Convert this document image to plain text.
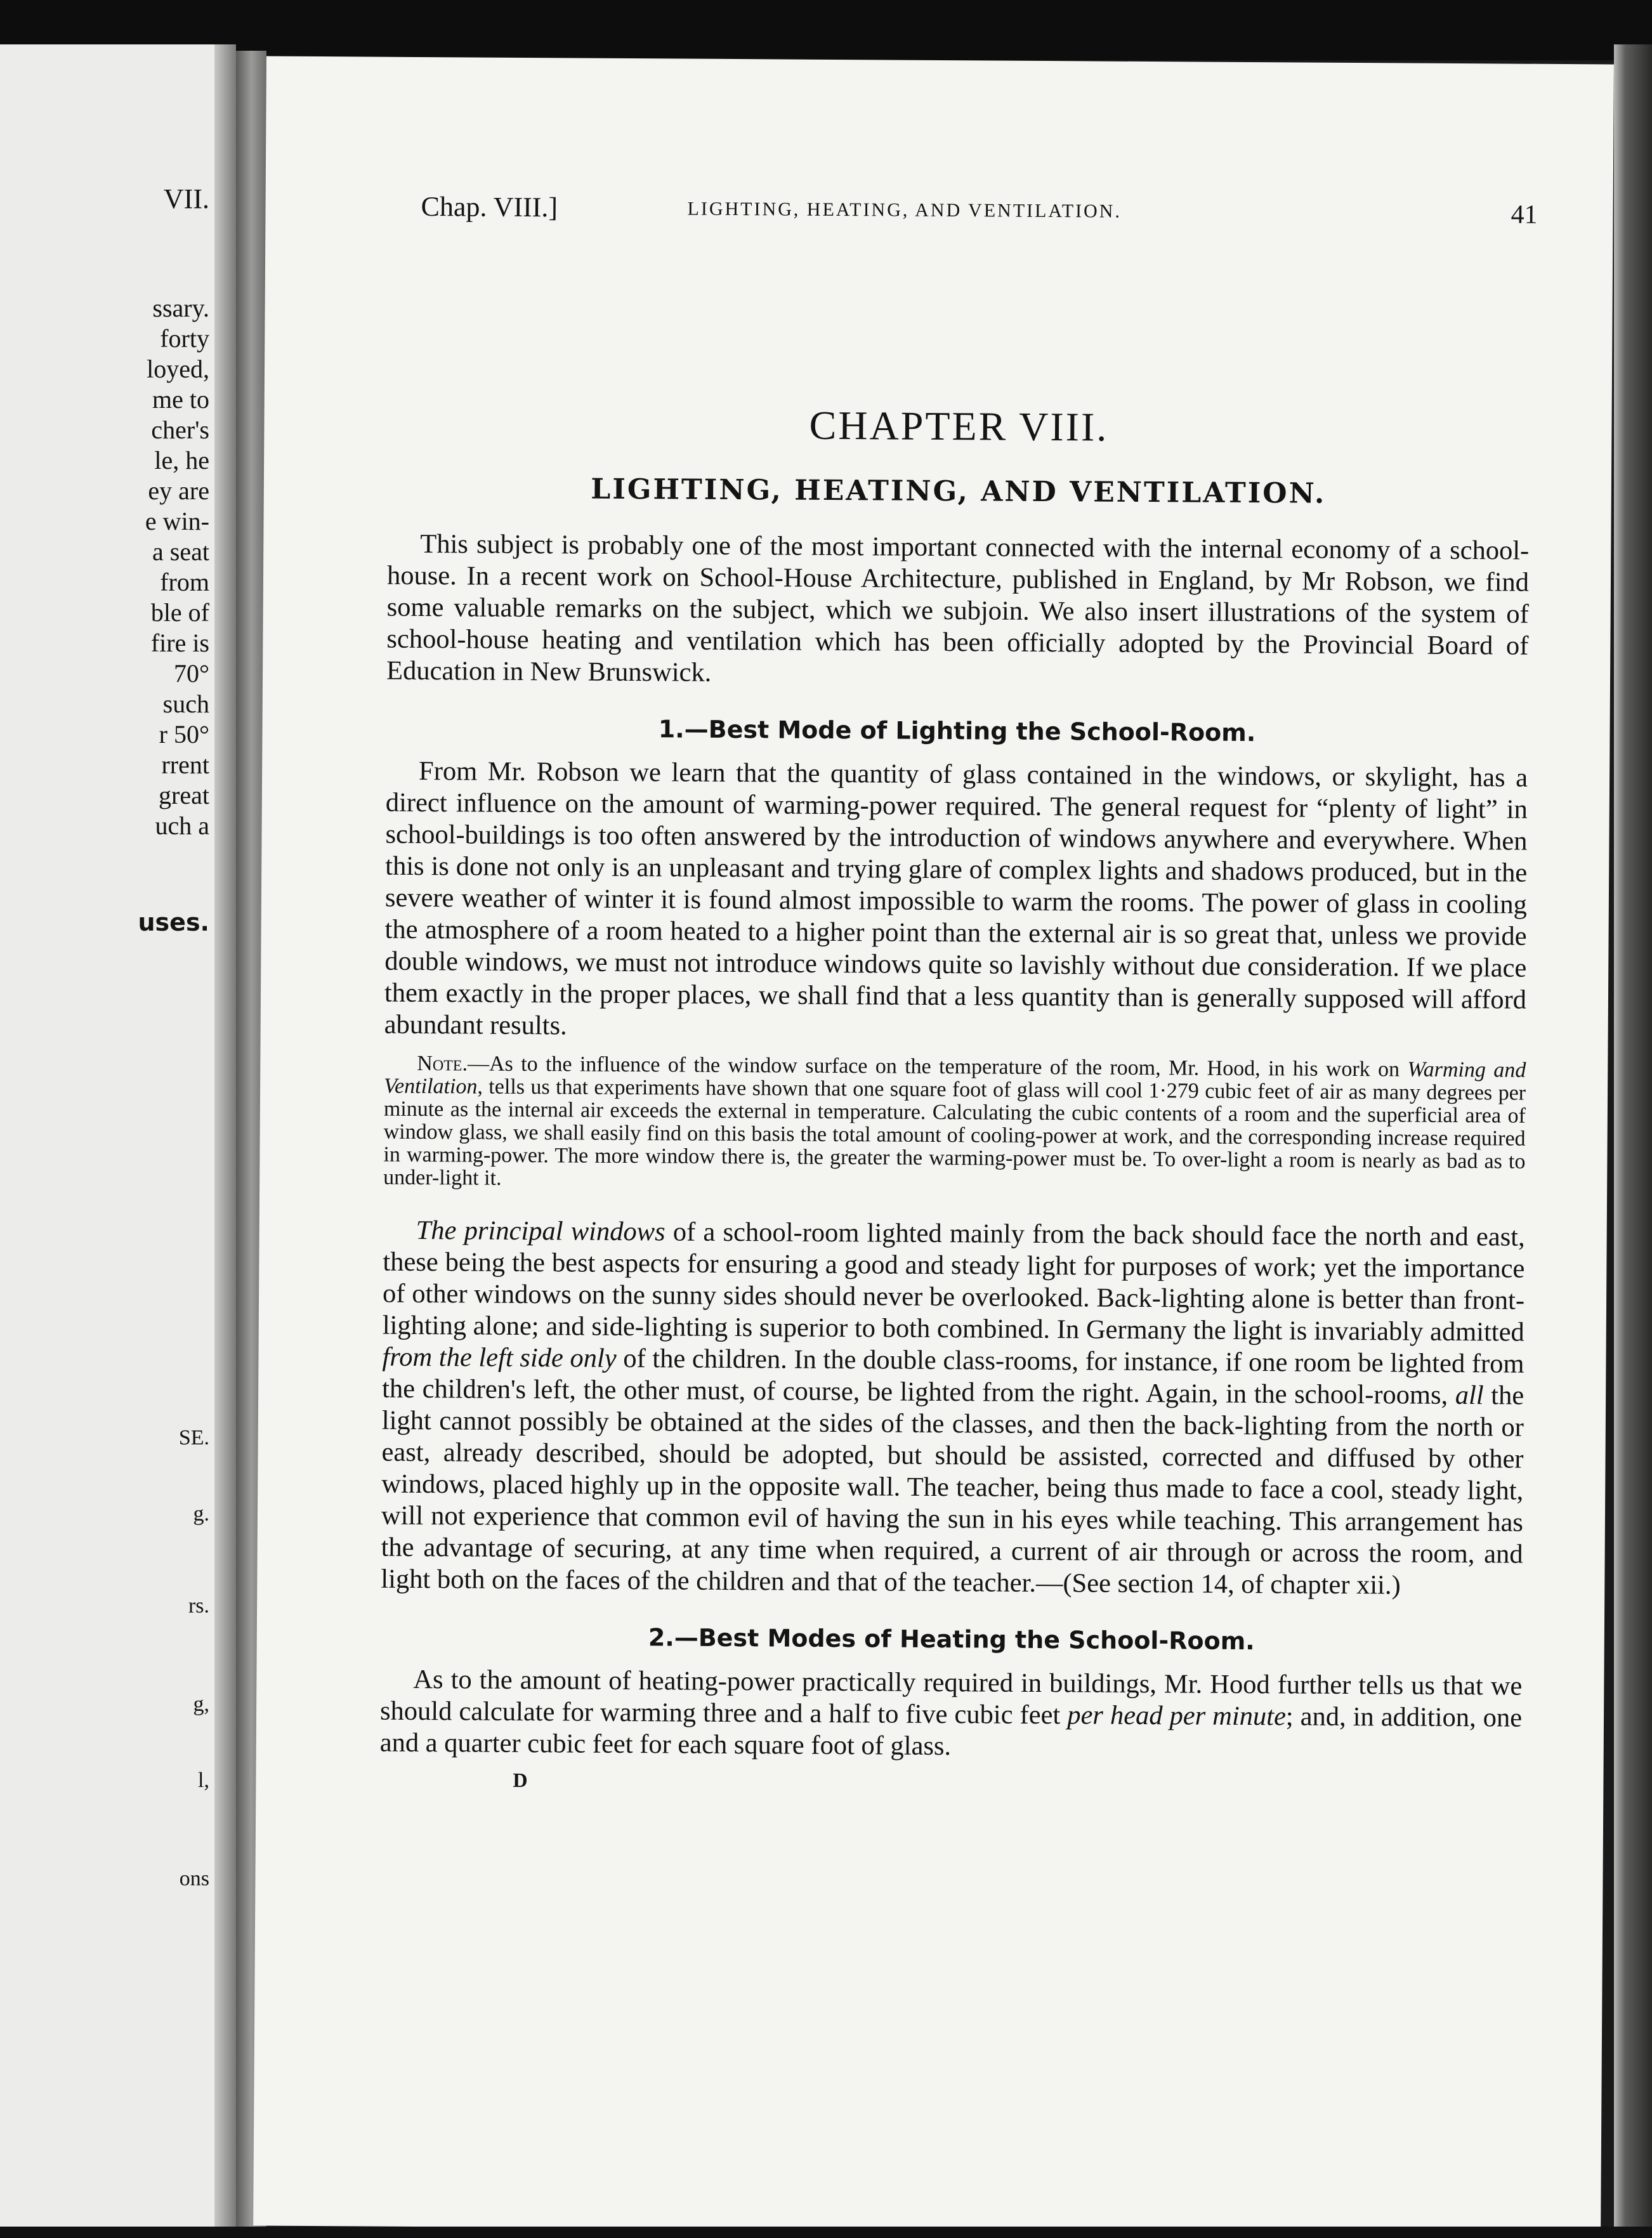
VII.
ssary.
forty
loyed,
me to
cher's
le, he
ey are
e win-
a seat
from
ble of
fire is
70°
such
r 50°
rrent
great
uch a
uses.
SE.
g.
rs.
g,
l,
ons
Chap. VIII.]	LIGHTING, HEATING, AND VENTILATION.	41
CHAPTER VIII.
LIGHTING, HEATING, AND VENTILATION.

This subject is probably one of the most important connected with the internal economy of a school-house. In a recent work on School-House Architecture, published in England, by Mr Robson, we find some valuable remarks on the subject, which we subjoin. We also insert illustrations of the system of school-house heating and ventilation which has been officially adopted by the Provincial Board of Education in New Brunswick.

1.—Best Mode of Lighting the School-Room.

From Mr. Robson we learn that the quantity of glass contained in the windows, or skylight, has a direct influence on the amount of warming-power required. The general request for “plenty of light” in school-buildings is too often answered by the introduction of windows anywhere and everywhere. When this is done not only is an unpleasant and trying glare of complex lights and shadows produced, but in the severe weather of winter it is found almost impossible to warm the rooms. The power of glass in cooling the atmosphere of a room heated to a higher point than the external air is so great that, unless we provide double windows, we must not introduce windows quite so lavishly without due consideration. If we place them exactly in the proper places, we shall find that a less quantity than is generally supposed will afford abundant results.

Note.—As to the influence of the window surface on the temperature of the room, Mr. Hood, in his work on Warming and Ventilation, tells us that experiments have shown that one square foot of glass will cool 1·279 cubic feet of air as many degrees per minute as the internal air exceeds the external in temperature. Calculating the cubic contents of a room and the superficial area of window glass, we shall easily find on this basis the total amount of cooling-power at work, and the corresponding increase required in warming-power. The more window there is, the greater the warming-power must be. To over-light a room is nearly as bad as to under-light it.

The principal windows of a school-room lighted mainly from the back should face the north and east, these being the best aspects for ensuring a good and steady light for purposes of work; yet the importance of other windows on the sunny sides should never be overlooked. Back-lighting alone is better than front-lighting alone; and side-lighting is superior to both combined. In Germany the light is invariably admitted from the left side only of the children. In the double class-rooms, for instance, if one room be lighted from the children's left, the other must, of course, be lighted from the right. Again, in the school-rooms, all the light cannot possibly be obtained at the sides of the classes, and then the back-lighting from the north or east, already described, should be adopted, but should be assisted, corrected and diffused by other windows, placed highly up in the opposite wall. The teacher, being thus made to face a cool, steady light, will not experience that common evil of having the sun in his eyes while teaching. This arrangement has the advantage of securing, at any time when required, a current of air through or across the room, and light both on the faces of the children and that of the teacher.—(See section 14, of chapter xii.)

2.—Best Modes of Heating the School-Room.

As to the amount of heating-power practically required in buildings, Mr. Hood further tells us that we should calculate for warming three and a half to five cubic feet per head per minute; and, in addition, one and a quarter cubic feet for each square foot of glass.

D
